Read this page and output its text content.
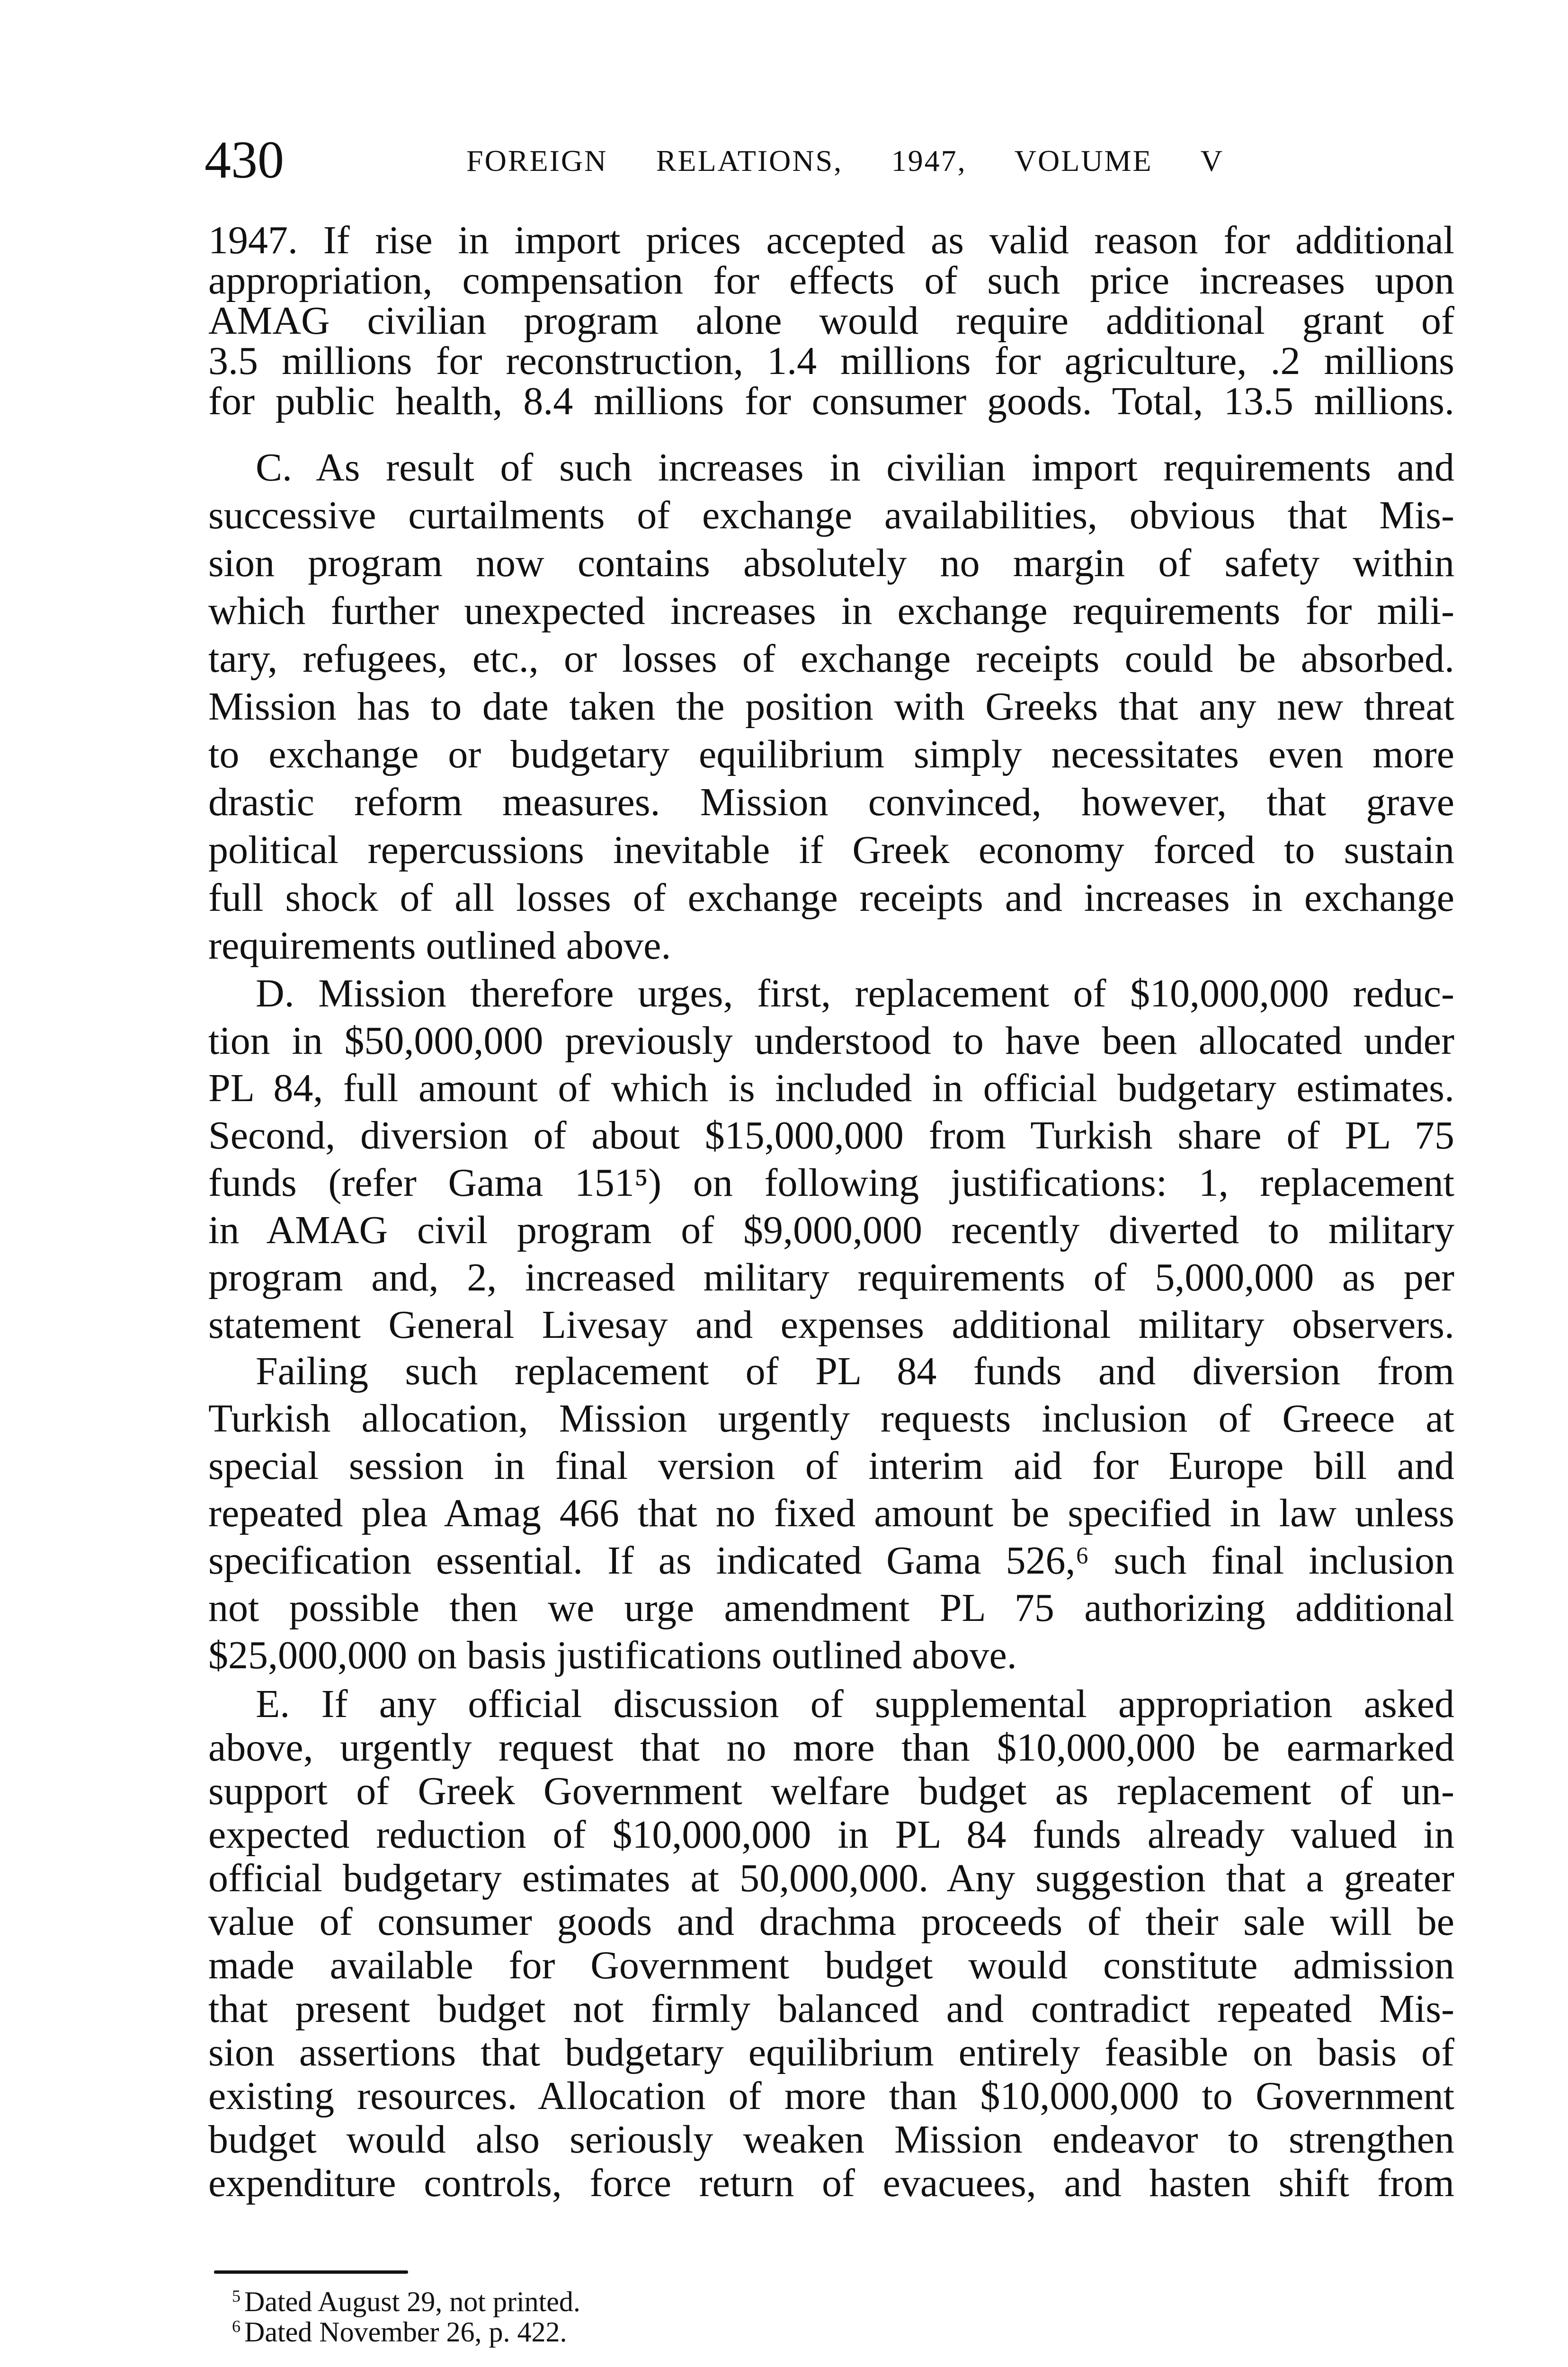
430	FOREIGN RELATIONS, 1947, VOLUME V
1947. If rise in import prices accepted as valid reason for additional
appropriation, compensation for effects of such price increases upon
AMAG civilian program alone would require additional grant of
3.5 millions for reconstruction, 1.4 millions for agriculture, .2 millions
for public health, 8.4 millions for consumer goods. Total, 13.5 millions.
C. As result of such increases in civilian import requirements and
successive curtailments of exchange availabilities, obvious that Mis-
sion program now contains absolutely no margin of safety within
which further unexpected increases in exchange requirements for mili-
tary, refugees, etc., or losses of exchange receipts could be absorbed.
Mission has to date taken the position with Greeks that any new threat
to exchange or budgetary equilibrium simply necessitates even more
drastic reform measures. Mission convinced, however, that grave
political repercussions inevitable if Greek economy forced to sustain
full shock of all losses of exchange receipts and increases in exchange
requirements outlined above.
D. Mission therefore urges, first, replacement of $10,000,000 reduc-
tion in $50,000,000 previously understood to have been allocated under
PL 84, full amount of which is included in official budgetary estimates.
Second, diversion of about $15,000,000 from Turkish share of PL 75
funds (refer Gama 151⁵) on following justifications: 1, replacement
in AMAG civil program of $9,000,000 recently diverted to military
program and, 2, increased military requirements of 5,000,000 as per
statement General Livesay and expenses additional military observers.
Failing such replacement of PL 84 funds and diversion from
Turkish allocation, Mission urgently requests inclusion of Greece at
special session in final version of interim aid for Europe bill and
repeated plea Amag 466 that no fixed amount be specified in law unless
specification essential. If as indicated Gama 526,⁶ such final inclusion
not possible then we urge amendment PL 75 authorizing additional
$25,000,000 on basis justifications outlined above.
E. If any official discussion of supplemental appropriation asked
above, urgently request that no more than $10,000,000 be earmarked
support of Greek Government welfare budget as replacement of un-
expected reduction of $10,000,000 in PL 84 funds already valued in
official budgetary estimates at 50,000,000. Any suggestion that a greater
value of consumer goods and drachma proceeds of their sale will be
made available for Government budget would constitute admission
that present budget not firmly balanced and contradict repeated Mis-
sion assertions that budgetary equilibrium entirely feasible on basis of
existing resources. Allocation of more than $10,000,000 to Government
budget would also seriously weaken Mission endeavor to strengthen
expenditure controls, force return of evacuees, and hasten shift from
$^5$ Dated August 29, not printed.
$^6$ Dated November 26, p. 422.
